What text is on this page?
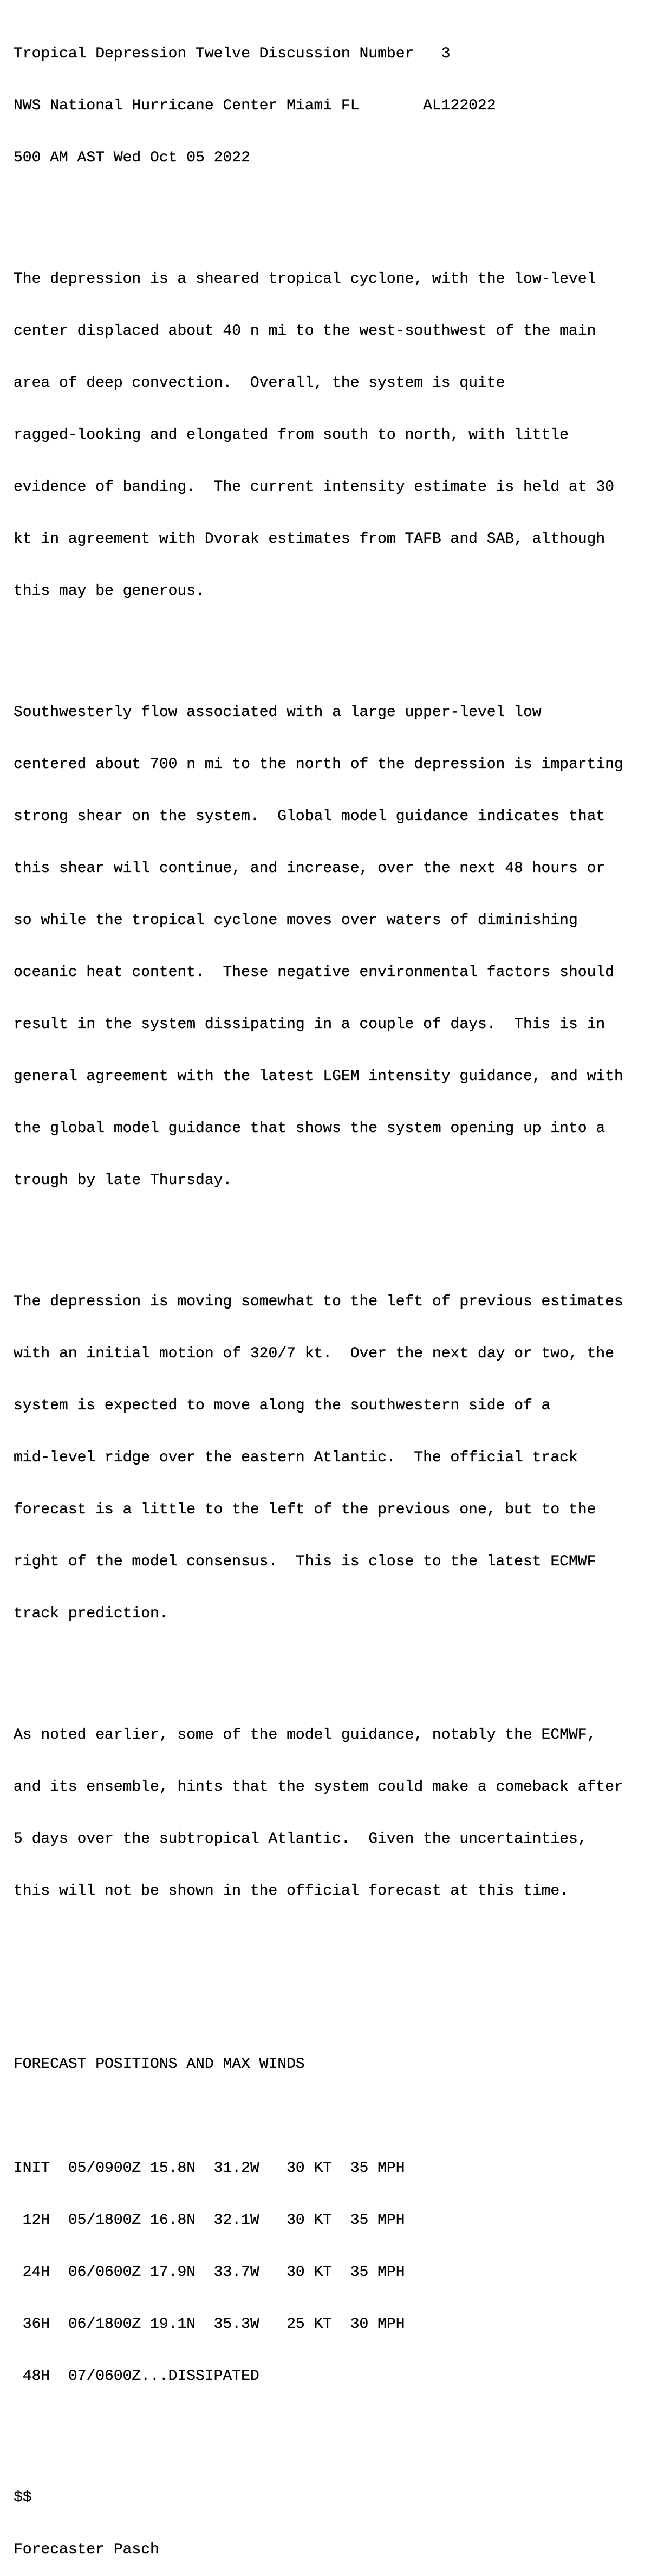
Tropical Depression Twelve Discussion Number   3

NWS National Hurricane Center Miami FL       AL122022

500 AM AST Wed Oct 05 2022

The depression is a sheared tropical cyclone, with the low-level

center displaced about 40 n mi to the west-southwest of the main

area of deep convection.  Overall, the system is quite

ragged-looking and elongated from south to north, with little

evidence of banding.  The current intensity estimate is held at 30

kt in agreement with Dvorak estimates from TAFB and SAB, although

this may be generous.

Southwesterly flow associated with a large upper-level low

centered about 700 n mi to the north of the depression is imparting

strong shear on the system.  Global model guidance indicates that

this shear will continue, and increase, over the next 48 hours or

so while the tropical cyclone moves over waters of diminishing

oceanic heat content.  These negative environmental factors should

result in the system dissipating in a couple of days.  This is in

general agreement with the latest LGEM intensity guidance, and with

the global model guidance that shows the system opening up into a

trough by late Thursday.

The depression is moving somewhat to the left of previous estimates

with an initial motion of 320/7 kt.  Over the next day or two, the

system is expected to move along the southwestern side of a

mid-level ridge over the eastern Atlantic.  The official track

forecast is a little to the left of the previous one, but to the

right of the model consensus.  This is close to the latest ECMWF

track prediction.

As noted earlier, some of the model guidance, notably the ECMWF,

and its ensemble, hints that the system could make a comeback after

5 days over the subtropical Atlantic.  Given the uncertainties,

this will not be shown in the official forecast at this time.

FORECAST POSITIONS AND MAX WINDS

INIT  05/0900Z 15.8N  31.2W   30 KT  35 MPH

12H  05/1800Z 16.8N  32.1W   30 KT  35 MPH

24H  06/0600Z 17.9N  33.7W   30 KT  35 MPH

36H  06/1800Z 19.1N  35.3W   25 KT  30 MPH

48H  07/0600Z...DISSIPATED

$$

Forecaster Pasch
